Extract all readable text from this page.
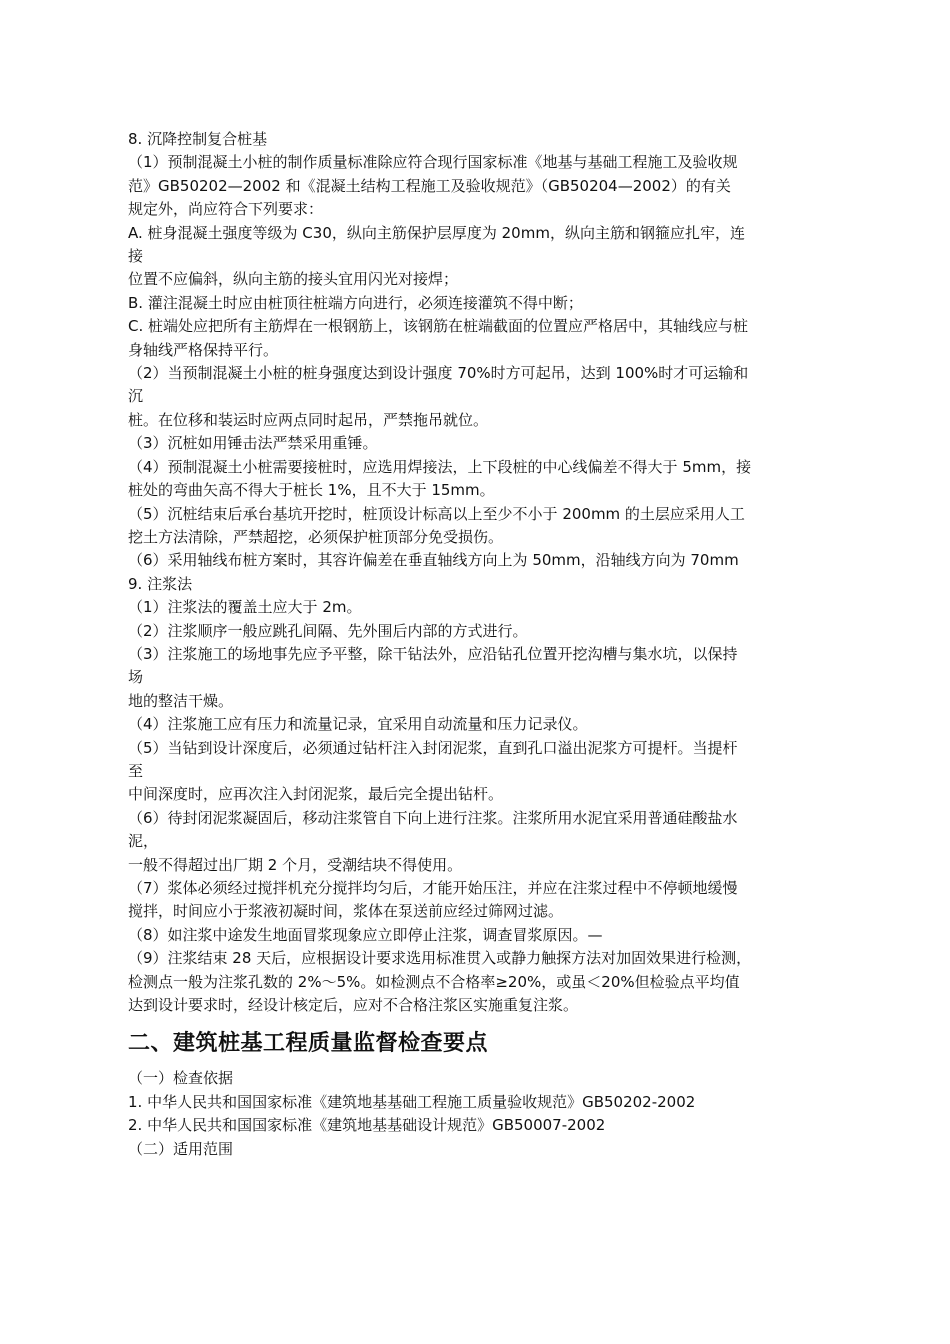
8. 沉降控制复合桩基

（1）预制混凝土小桩的制作质量标准除应符合现行国家标准《地基与基础工程施工及验收规

范》GB50202—2002 和《混凝土结构工程施工及验收规范》（GB50204—2002）的有关

规定外，尚应符合下列要求：

A. 桩身混凝土强度等级为 C30，纵向主筋保护层厚度为 20mm，纵向主筋和钢箍应扎牢，连

接

位置不应偏斜，纵向主筋的接头宜用闪光对接焊；

B. 灌注混凝土时应由桩顶往桩端方向进行，必须连接灌筑不得中断；

C. 桩端处应把所有主筋焊在一根钢筋上，该钢筋在桩端截面的位置应严格居中，其轴线应与桩

身轴线严格保持平行。

（2）当预制混凝土小桩的桩身强度达到设计强度 70%时方可起吊，达到 100%时才可运输和

沉

桩。在位移和装运时应两点同时起吊，严禁拖吊就位。

（3）沉桩如用锤击法严禁采用重锤。

（4）预制混凝土小桩需要接桩时，应选用焊接法，上下段桩的中心线偏差不得大于 5mm，接

桩处的弯曲矢高不得大于桩长 1%，且不大于 15mm。

（5）沉桩结束后承台基坑开挖时，桩顶设计标高以上至少不小于 200mm 的土层应采用人工

挖土方法清除，严禁超挖，必须保护桩顶部分免受损伤。

（6）采用轴线布桩方案时，其容许偏差在垂直轴线方向上为 50mm，沿轴线方向为 70mm

9. 注浆法

（1）注浆法的覆盖土应大于 2m。

（2）注浆顺序一般应跳孔间隔、先外围后内部的方式进行。

（3）注浆施工的场地事先应予平整，除干钻法外，应沿钻孔位置开挖沟槽与集水坑，以保持

场

地的整洁干燥。

（4）注浆施工应有压力和流量记录，宜采用自动流量和压力记录仪。

（5）当钻到设计深度后，必须通过钻杆注入封闭泥浆，直到孔口溢出泥浆方可提杆。当提杆

至

中间深度时，应再次注入封闭泥浆，最后完全提出钻杆。

（6）待封闭泥浆凝固后，移动注浆管自下向上进行注浆。注浆所用水泥宜采用普通硅酸盐水

泥，

一般不得超过出厂期 2 个月，受潮结块不得使用。

（7）浆体必须经过搅拌机充分搅拌均匀后，才能开始压注，并应在注浆过程中不停顿地缓慢

搅拌，时间应小于浆液初凝时间，浆体在泵送前应经过筛网过滤。

（8）如注浆中途发生地面冒浆现象应立即停止注浆，调查冒浆原因。—

（9）注浆结束 28 天后，应根据设计要求选用标准贯入或静力触探方法对加固效果进行检测，

检测点一般为注浆孔数的 2%～5%。如检测点不合格率≥20%，或虽＜20%但检验点平均值

达到设计要求时，经设计核定后，应对不合格注浆区实施重复注浆。

二、建筑桩基工程质量监督检查要点

（一）检查依据

1. 中华人民共和国国家标准《建筑地基基础工程施工质量验收规范》GB50202-2002

2. 中华人民共和国国家标准《建筑地基基础设计规范》GB50007-2002

（二）适用范围
